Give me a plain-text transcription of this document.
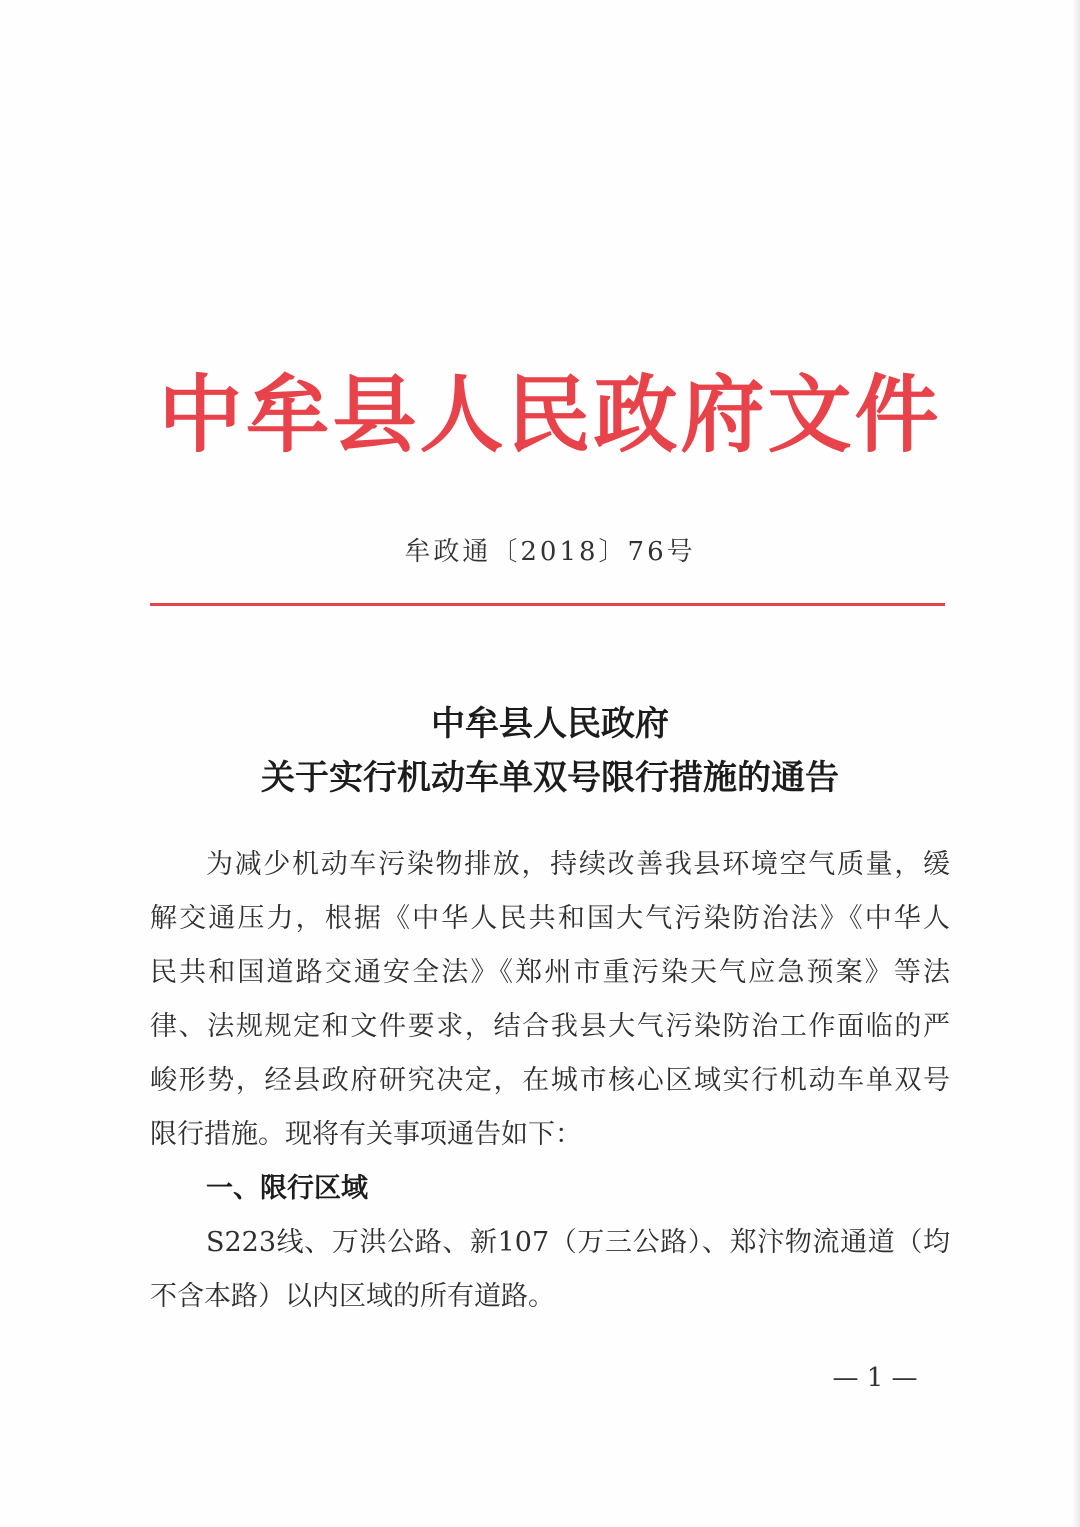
中牟县人民政府文件
牟政通〔2018〕76号
中牟县人民政府
关于实行机动车单双号限行措施的通告
为减少机动车污染物排放，持续改善我县环境空气质量，缓
解交通压力，根据《中华人民共和国大气污染防治法》《中华人
民共和国道路交通安全法》《郑州市重污染天气应急预案》等法
律、法规规定和文件要求，结合我县大气污染防治工作面临的严
峻形势，经县政府研究决定，在城市核心区域实行机动车单双号
限行措施。现将有关事项通告如下：
一、限行区域
S223线、万洪公路、新107（万三公路）、郑汴物流通道（均
不含本路）以内区域的所有道路。
— 1 —
